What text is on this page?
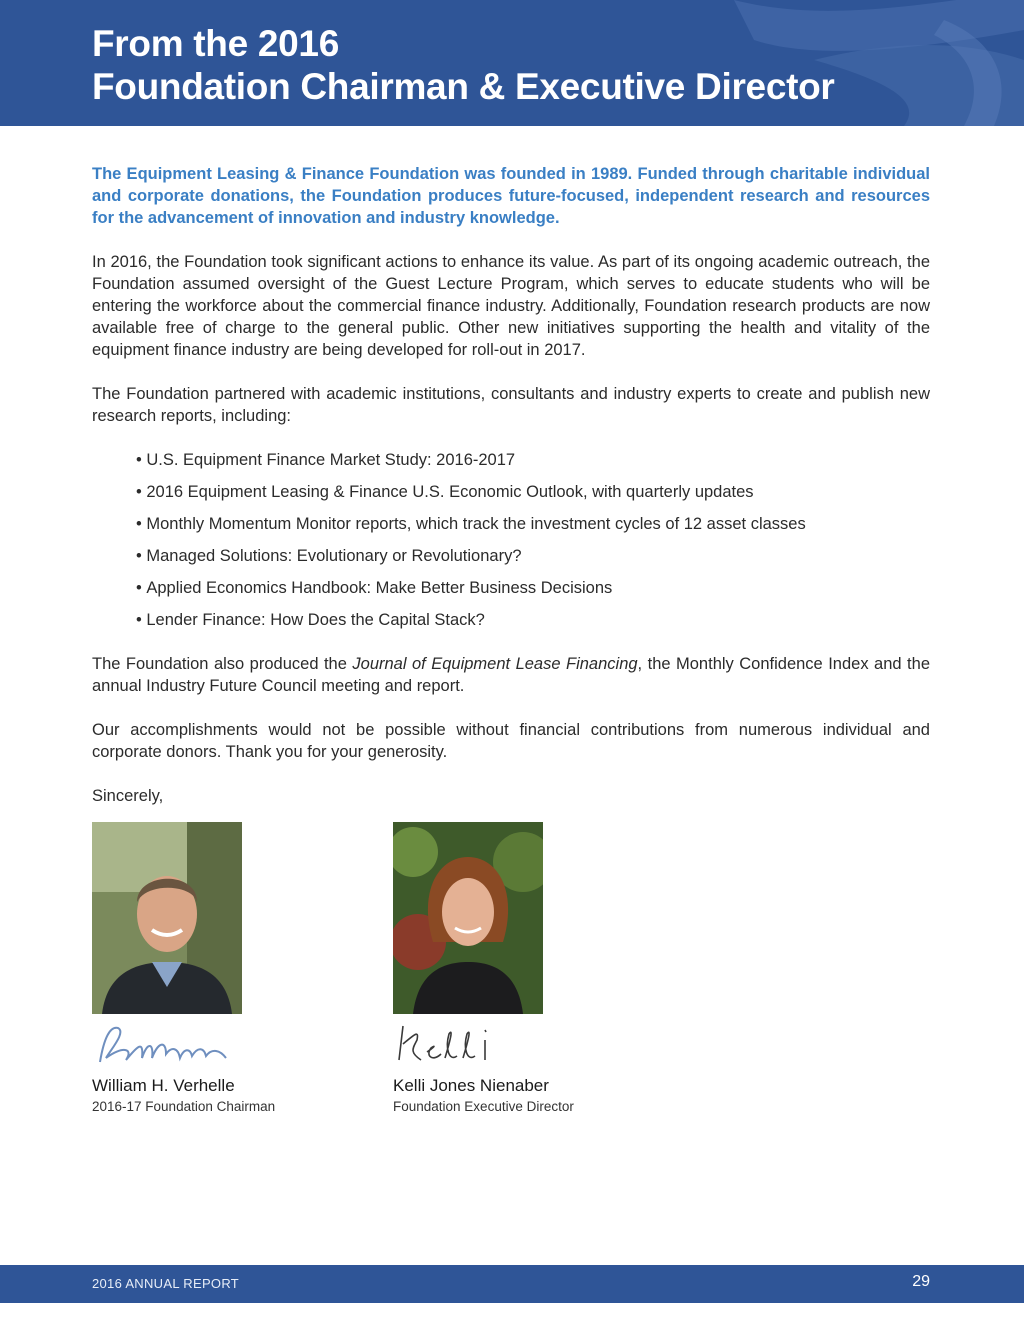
From the 2016
Foundation Chairman & Executive Director

The Equipment Leasing & Finance Foundation was founded in 1989. Funded through charitable individual and corporate donations, the Foundation produces future-focused, independent research and resources for the advancement of innovation and industry knowledge.

In 2016, the Foundation took significant actions to enhance its value. As part of its ongoing academic outreach, the Foundation assumed oversight of the Guest Lecture Program, which serves to educate students who will be entering the workforce about the commercial finance industry. Additionally, Foundation research products are now available free of charge to the general public. Other new initiatives supporting the health and vitality of the equipment finance industry are being developed for roll-out in 2017.

The Foundation partnered with academic institutions, consultants and industry experts to create and publish new research reports, including:

• U.S. Equipment Finance Market Study: 2016-2017
• 2016 Equipment Leasing & Finance U.S. Economic Outlook, with quarterly updates
• Monthly Momentum Monitor reports, which track the investment cycles of 12 asset classes
• Managed Solutions: Evolutionary or Revolutionary?
• Applied Economics Handbook: Make Better Business Decisions
• Lender Finance: How Does the Capital Stack?

The Foundation also produced the Journal of Equipment Lease Financing, the Monthly Confidence Index and the annual Industry Future Council meeting and report.

Our accomplishments would not be possible without financial contributions from numerous individual and corporate donors. Thank you for your generosity.

Sincerely,

William H. Verhelle
2016-17 Foundation Chairman
Kelli Jones Nienaber
Foundation Executive Director
2016 ANNUAL REPORT	29
